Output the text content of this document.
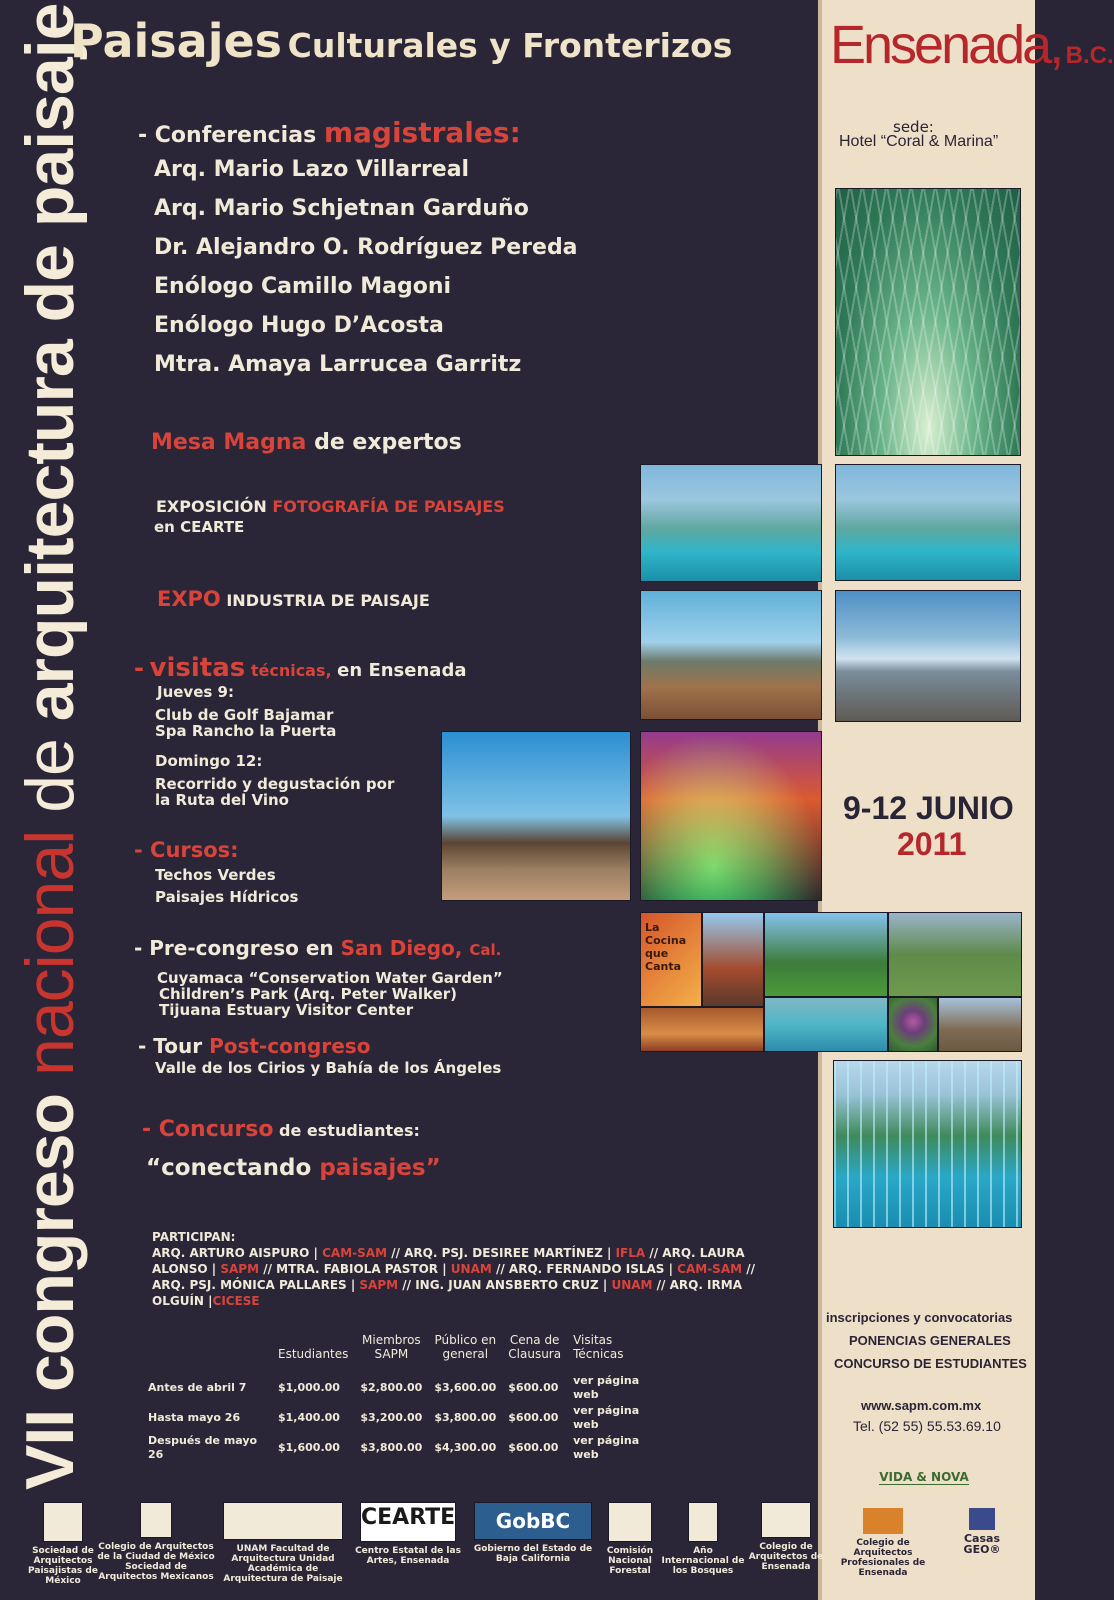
VII congreso nacional de arquitectura de paisaje
Paisajes Culturales y Fronterizos Ensenada, B.C.
sede:
Hotel “Coral & Marina”
9-12 JUNIO
2011
inscripciones y convocatorias
PONENCIAS GENERALES
CONCURSO DE ESTUDIANTES
www.sapm.com.mx
Tel. (52 55) 55.53.69.10
La Cocina que Canta
- Conferencias magistrales:
Arq. Mario Lazo Villarreal
Arq. Mario Schjetnan Garduño
Dr. Alejandro O. Rodríguez Pereda
Enólogo Camillo Magoni
Enólogo Hugo D’Acosta
Mtra. Amaya Larrucea Garritz
Mesa Magna de expertos
EXPOSICIÓN FOTOGRAFÍA DE PAISAJES
en CEARTE
EXPO INDUSTRIA DE PAISAJE
- visitas técnicas, en Ensenada
Jueves 9:
Club de Golf Bajamar
Spa Rancho la Puerta
Domingo 12:
Recorrido y degustación por
la Ruta del Vino
- Cursos:
Techos Verdes
Paisajes Hídricos
- Pre-congreso en San Diego, Cal.
Cuyamaca “Conservation Water Garden”
Children’s Park (Arq. Peter Walker)
Tijuana Estuary Visitor Center
- Tour Post-congreso
Valle de los Cirios y Bahía de los Ángeles
- Concurso de estudiantes:
“conectando paisajes”
PARTICIPAN:
ARQ. ARTURO AISPURO | CAM-SAM // ARQ. PSJ. DESIREE MARTÍNEZ | IFLA // ARQ. LAURA
ALONSO | SAPM // MTRA. FABIOLA PASTOR | UNAM // ARQ. FERNANDO ISLAS | CAM-SAM //
ARQ. PSJ. MÓNICA PALLARES | SAPM // ING. JUAN ANSBERTO CRUZ | UNAM // ARQ. IRMA
OLGUÍN |CICESE
	Estudiantes	Miembros SAPM	Público en general	Cena de Clausura	Visitas Técnicas
Antes de abril 7	$1,000.00	$2,800.00	$3,600.00	$600.00	ver página web
Hasta mayo 26	$1,400.00	$3,200.00	$3,800.00	$600.00	ver página web
Después de mayo 26	$1,600.00	$3,800.00	$4,300.00	$600.00	ver página web
Sociedad de Arquitectos Paisajistas de México
Colegio de Arquitectos de la Ciudad de México Sociedad de Arquitectos Mexicanos
UNAM Facultad de Arquitectura Unidad Académica de Arquitectura de Paisaje
CEARTE
Centro Estatal de las Artes, Ensenada
GobBC
Gobierno del Estado de Baja California
Comisión Nacional Forestal
Año Internacional de los Bosques
Colegio de Arquitectos de Ensenada
VIDA & NOVA
Colegio de Arquitectos Profesionales de Ensenada
Casas GEO®
